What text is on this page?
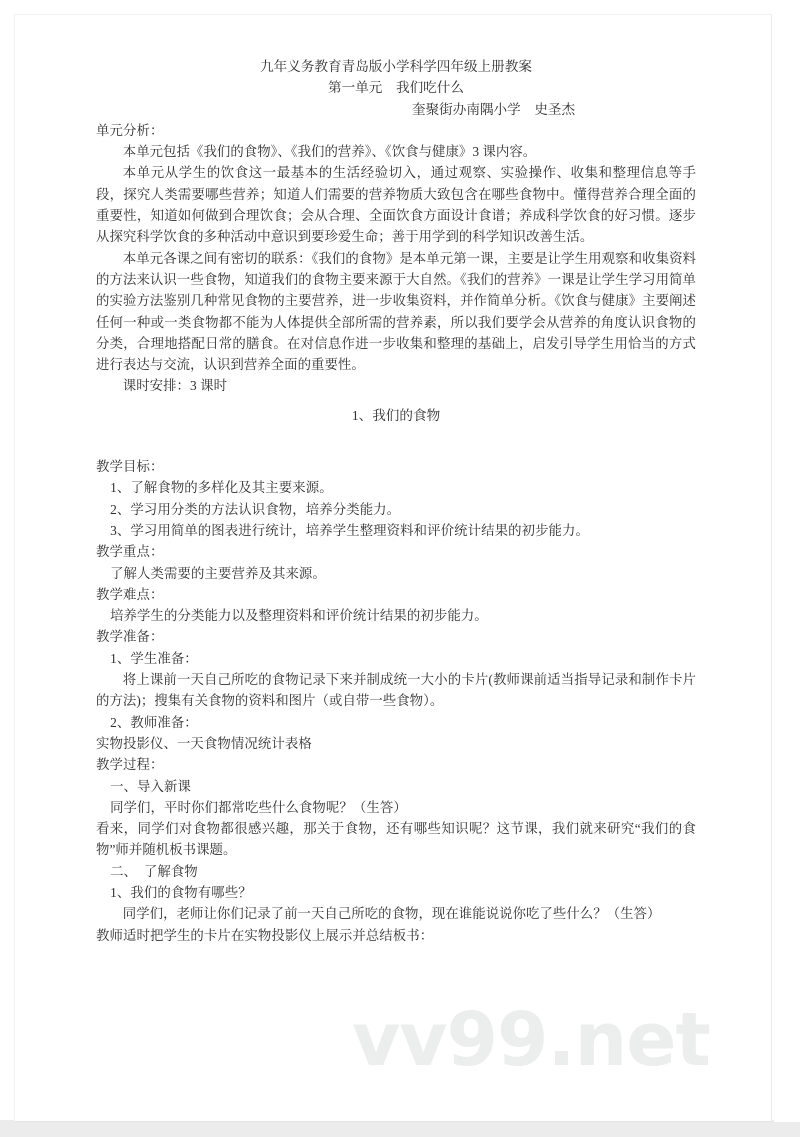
vv99.net
九年义务教育青岛版小学科学四年级上册教案
第一单元　我们吃什么
奎聚街办南隅小学　史圣杰
单元分析：
本单元包括《我们的食物》、《我们的营养》、《饮食与健康》3 课内容。
本单元从学生的饮食这一最基本的生活经验切入，通过观察、实验操作、收集和整理信息等手段，探究人类需要哪些营养；知道人们需要的营养物质大致包含在哪些食物中。懂得营养合理全面的重要性，知道如何做到合理饮食；会从合理、全面饮食方面设计食谱；养成科学饮食的好习惯。逐步从探究科学饮食的多种活动中意识到要珍爱生命；善于用学到的科学知识改善生活。
本单元各课之间有密切的联系：《我们的食物》是本单元第一课，主要是让学生用观察和收集资料的方法来认识一些食物，知道我们的食物主要来源于大自然。《我们的营养》一课是让学生学习用简单的实验方法鉴别几种常见食物的主要营养，进一步收集资料，并作简单分析。《饮食与健康》主要阐述任何一种或一类食物都不能为人体提供全部所需的营养素，所以我们要学会从营养的角度认识食物的分类，合理地搭配日常的膳食。在对信息作进一步收集和整理的基础上，启发引导学生用恰当的方式进行表达与交流，认识到营养全面的重要性。
课时安排：3 课时
1、我们的食物
教学目标：
1、了解食物的多样化及其主要来源。
2、学习用分类的方法认识食物，培养分类能力。
3、学习用简单的图表进行统计，培养学生整理资料和评价统计结果的初步能力。
教学重点：
了解人类需要的主要营养及其来源。
教学难点：
培养学生的分类能力以及整理资料和评价统计结果的初步能力。
教学准备：
1、学生准备：
将上课前一天自己所吃的食物记录下来并制成统一大小的卡片(教师课前适当指导记录和制作卡片的方法)；搜集有关食物的资料和图片（或自带一些食物）。
2、教师准备：
实物投影仪、一天食物情况统计表格
教学过程：
一、导入新课
同学们，平时你们都常吃些什么食物呢？（生答）
看来，同学们对食物都很感兴趣，那关于食物，还有哪些知识呢？这节课，我们就来研究“我们的食物”师并随机板书课题。
二、　了解食物
1、我们的食物有哪些？
同学们，老师让你们记录了前一天自己所吃的食物，现在谁能说说你吃了些什么？（生答）
教师适时把学生的卡片在实物投影仪上展示并总结板书：
